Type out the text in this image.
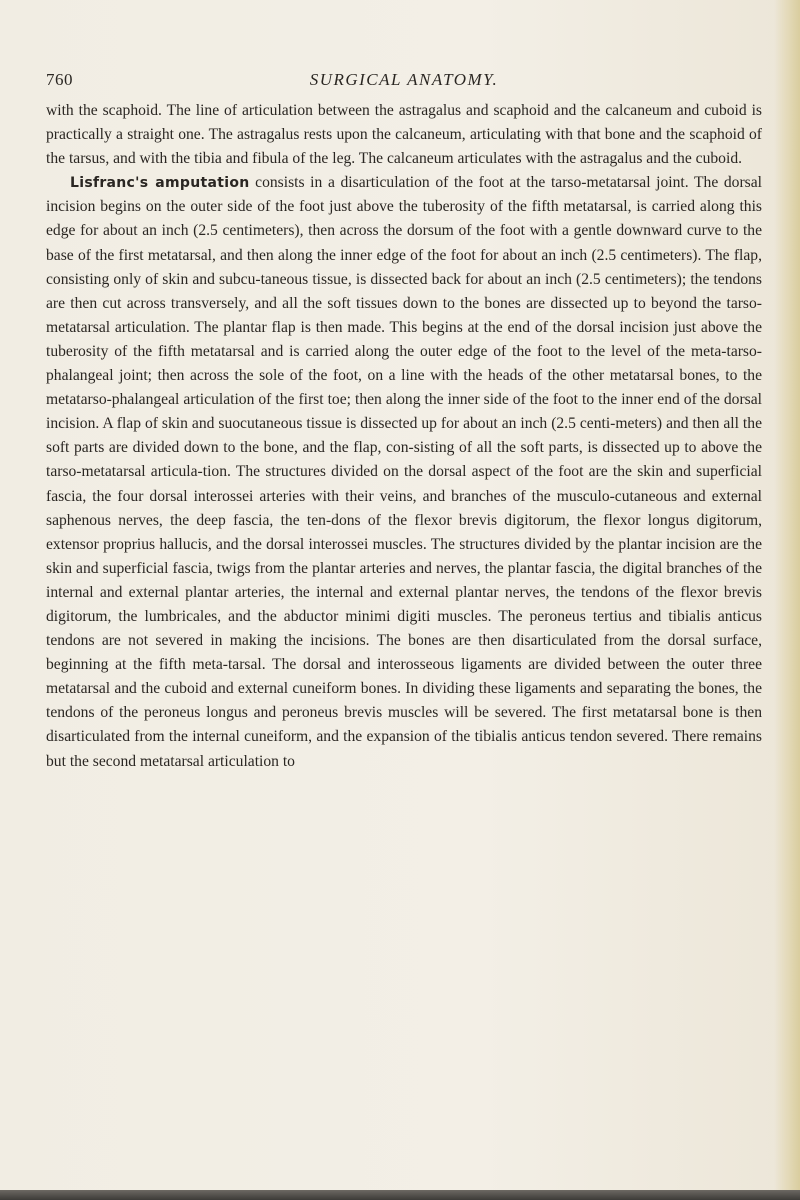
760	SURGICAL ANATOMY.

with the scaphoid. The line of articulation between the astragalus and scaphoid and the calcaneum and cuboid is practically a straight one. The astragalus rests upon the calcaneum, articulating with that bone and the scaphoid of the tarsus, and with the tibia and fibula of the leg. The calcaneum articulates with the astragalus and the cuboid.

Lisfranc's amputation consists in a disarticulation of the foot at the tarso-metatarsal joint. The dorsal incision begins on the outer side of the foot just above the tuberosity of the fifth metatarsal, is carried along this edge for about an inch (2.5 centimeters), then across the dorsum of the foot with a gentle downward curve to the base of the first metatarsal, and then along the inner edge of the foot for about an inch (2.5 centimeters). The flap, consisting only of skin and subcu-taneous tissue, is dissected back for about an inch (2.5 centimeters); the tendons are then cut across transversely, and all the soft tissues down to the bones are dissected up to beyond the tarso-metatarsal articulation. The plantar flap is then made. This begins at the end of the dorsal incision just above the tuberosity of the fifth metatarsal and is carried along the outer edge of the foot to the level of the meta-tarso-phalangeal joint; then across the sole of the foot, on a line with the heads of the other metatarsal bones, to the metatarso-phalangeal articulation of the first toe; then along the inner side of the foot to the inner end of the dorsal incision. A flap of skin and suocutaneous tissue is dissected up for about an inch (2.5 centi-meters) and then all the soft parts are divided down to the bone, and the flap, con-sisting of all the soft parts, is dissected up to above the tarso-metatarsal articula-tion. The structures divided on the dorsal aspect of the foot are the skin and superficial fascia, the four dorsal interossei arteries with their veins, and branches of the musculo-cutaneous and external saphenous nerves, the deep fascia, the ten-dons of the flexor brevis digitorum, the flexor longus digitorum, extensor proprius hallucis, and the dorsal interossei muscles. The structures divided by the plantar incision are the skin and superficial fascia, twigs from the plantar arteries and nerves, the plantar fascia, the digital branches of the internal and external plantar arteries, the internal and external plantar nerves, the tendons of the flexor brevis digitorum, the lumbricales, and the abductor minimi digiti muscles. The peroneus tertius and tibialis anticus tendons are not severed in making the incisions. The bones are then disarticulated from the dorsal surface, beginning at the fifth meta-tarsal. The dorsal and interosseous ligaments are divided between the outer three metatarsal and the cuboid and external cuneiform bones. In dividing these ligaments and separating the bones, the tendons of the peroneus longus and peroneus brevis muscles will be severed. The first metatarsal bone is then disarticulated from the internal cuneiform, and the expansion of the tibialis anticus tendon severed. There remains but the second metatarsal articulation to
